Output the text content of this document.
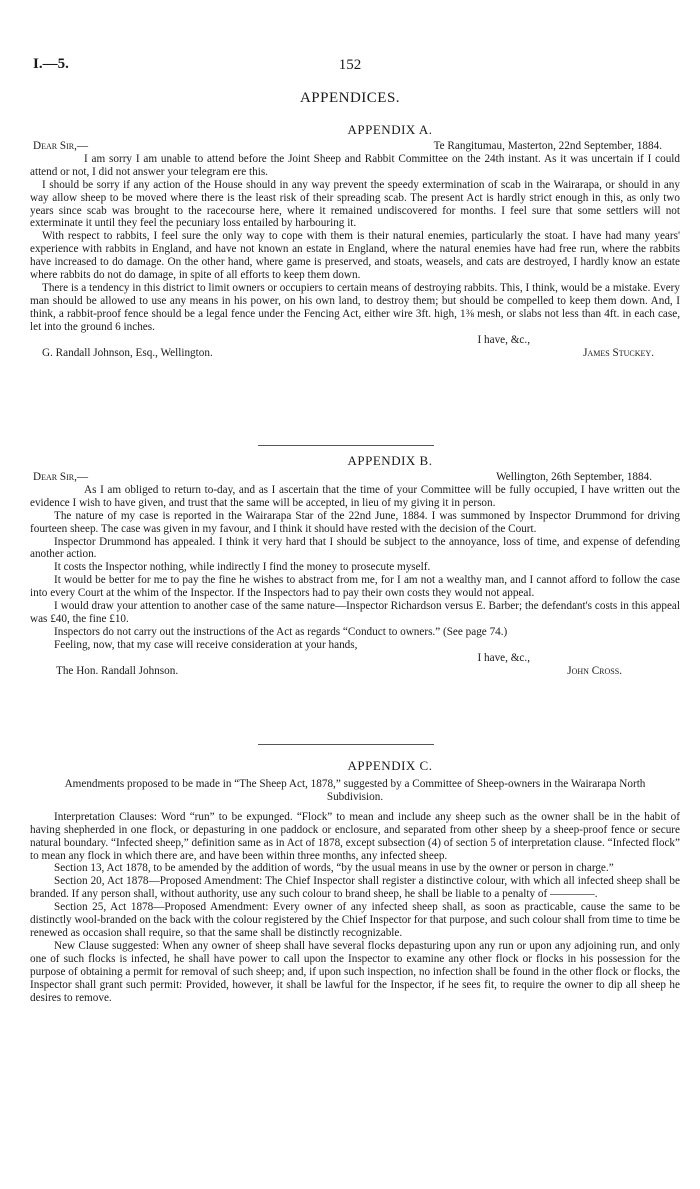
I.—5.	152
APPENDICES.
APPENDIX A.
Dear Sir,—	Te Rangitumau, Masterton, 22nd September, 1884.

I am sorry I am unable to attend before the Joint Sheep and Rabbit Committee on the 24th instant. As it was uncertain if I could attend or not, I did not answer your telegram ere this.

I should be sorry if any action of the House should in any way prevent the speedy extermination of scab in the Wairarapa, or should in any way allow sheep to be moved where there is the least risk of their spreading scab. The present Act is hardly strict enough in this, as only two years since scab was brought to the racecourse here, where it remained undiscovered for months. I feel sure that some settlers will not exterminate it until they feel the pecuniary loss entailed by harbouring it.

With respect to rabbits, I feel sure the only way to cope with them is their natural enemies, particularly the stoat. I have had many years' experience with rabbits in England, and have not known an estate in England, where the natural enemies have had free run, where the rabbits have increased to do damage. On the other hand, where game is preserved, and stoats, weasels, and cats are destroyed, I hardly know an estate where rabbits do not do damage, in spite of all efforts to keep them down.

There is a tendency in this district to limit owners or occupiers to certain means of destroying rabbits. This, I think, would be a mistake. Every man should be allowed to use any means in his power, on his own land, to destroy them; but should be compelled to keep them down. And, I think, a rabbit-proof fence should be a legal fence under the Fencing Act, either wire 3ft. high, 1⅜ mesh, or slabs not less than 4ft. in each case, let into the ground 6 inches.

I have, &c.,
G. Randall Johnson, Esq., Wellington.	James Stuckey.
APPENDIX B.
Dear Sir,—	Wellington, 26th September, 1884.

As I am obliged to return to-day, and as I ascertain that the time of your Committee will be fully occupied, I have written out the evidence I wish to have given, and trust that the same will be accepted, in lieu of my giving it in person.

The nature of my case is reported in the Wairarapa Star of the 22nd June, 1884. I was summoned by Inspector Drummond for driving fourteen sheep. The case was given in my favour, and I think it should have rested with the decision of the Court.

Inspector Drummond has appealed. I think it very hard that I should be subject to the annoyance, loss of time, and expense of defending another action.

It costs the Inspector nothing, while indirectly I find the money to prosecute myself.

It would be better for me to pay the fine he wishes to abstract from me, for I am not a wealthy man, and I cannot afford to follow the case into every Court at the whim of the Inspector. If the Inspectors had to pay their own costs they would not appeal.

I would draw your attention to another case of the same nature—Inspector Richardson versus E. Barber; the defendant's costs in this appeal was £40, the fine £10.

Inspectors do not carry out the instructions of the Act as regards “Conduct to owners.” (See page 74.)

Feeling, now, that my case will receive consideration at your hands,

I have, &c.,
The Hon. Randall Johnson.	John Cross.
APPENDIX C.

Amendments proposed to be made in “The Sheep Act, 1878,” suggested by a Committee of Sheep-owners in the Wairarapa North Subdivision.

Interpretation Clauses: Word “run” to be expunged. “Flock” to mean and include any sheep such as the owner shall be in the habit of having shepherded in one flock, or depasturing in one paddock or enclosure, and separated from other sheep by a sheep-proof fence or secure natural boundary. “Infected sheep,” definition same as in Act of 1878, except subsection (4) of section 5 of interpretation clause. “Infected flock” to mean any flock in which there are, and have been within three months, any infected sheep.

Section 13, Act 1878, to be amended by the addition of words, “by the usual means in use by the owner or person in charge.”

Section 20, Act 1878—Proposed Amendment: The Chief Inspector shall register a distinctive colour, with which all infected sheep shall be branded. If any person shall, without authority, use any such colour to brand sheep, he shall be liable to a penalty of ————.

Section 25, Act 1878—Proposed Amendment: Every owner of any infected sheep shall, as soon as practicable, cause the same to be distinctly wool-branded on the back with the colour registered by the Chief Inspector for that purpose, and such colour shall from time to time be renewed as occasion shall require, so that the same shall be distinctly recognizable.

New Clause suggested: When any owner of sheep shall have several flocks depasturing upon any run or upon any adjoining run, and only one of such flocks is infected, he shall have power to call upon the Inspector to examine any other flock or flocks in his possession for the purpose of obtaining a permit for removal of such sheep; and, if upon such inspection, no infection shall be found in the other flock or flocks, the Inspector shall grant such permit: Provided, however, it shall be lawful for the Inspector, if he sees fit, to require the owner to dip all sheep he desires to remove.
